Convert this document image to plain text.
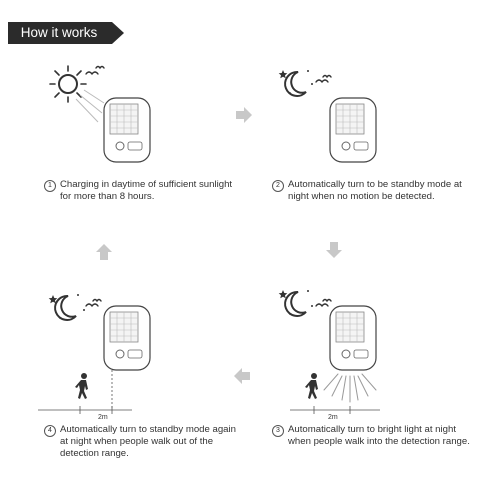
How it works
1 Charging in daytime of sufficient sunlight for more than 8 hours.
2 Automatically turn to be standby mode at night when no motion be detected.
2m
4 Automatically turn to standby mode again at night when people walk out of the detection range.
2m
3 Automatically turn to bright light at night when people walk into the detection range.
